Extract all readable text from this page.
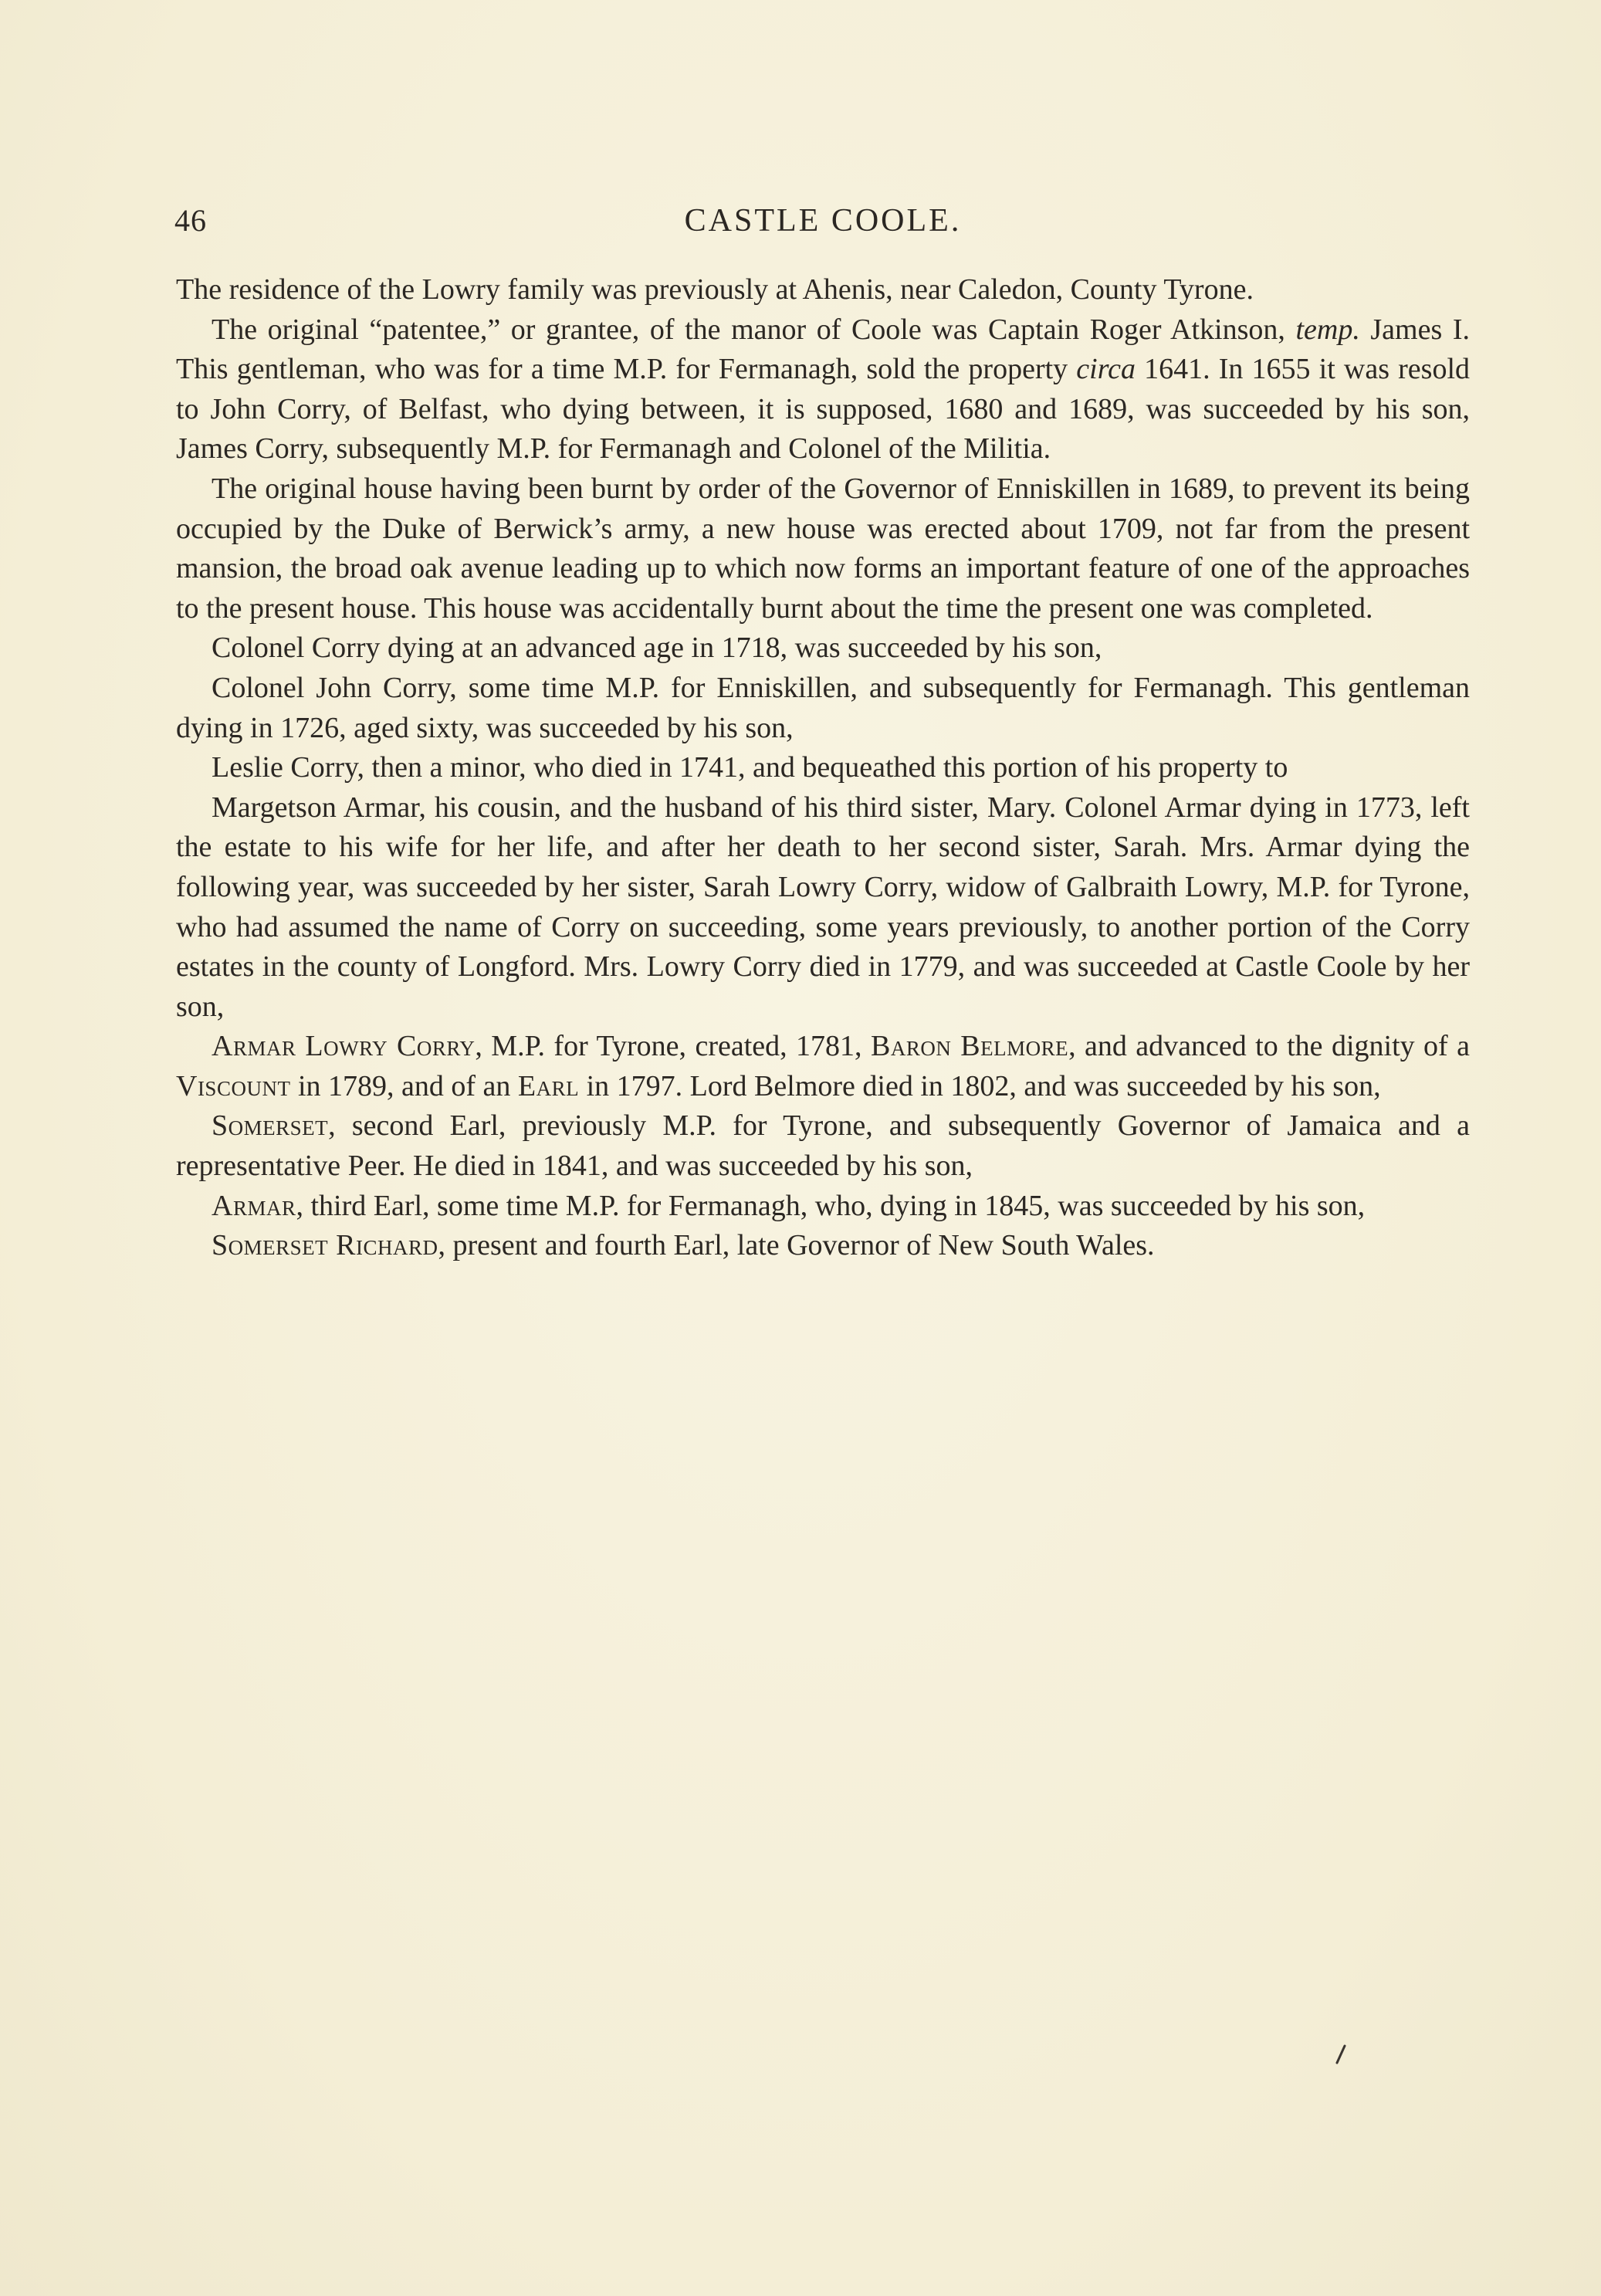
46	CASTLE COOLE.

The residence of the Lowry family was previously at Ahenis, near Caledon, County Tyrone.

The original “patentee,” or grantee, of the manor of Coole was Captain Roger Atkinson, temp. James I. This gentleman, who was for a time M.P. for Fermanagh, sold the property circa 1641. In 1655 it was resold to John Corry, of Belfast, who dying between, it is supposed, 1680 and 1689, was succeeded by his son, James Corry, subsequently M.P. for Fermanagh and Colonel of the Militia.

The original house having been burnt by order of the Governor of Enniskillen in 1689, to prevent its being occupied by the Duke of Berwick’s army, a new house was erected about 1709, not far from the present mansion, the broad oak avenue leading up to which now forms an important feature of one of the approaches to the present house. This house was accidentally burnt about the time the present one was completed.

Colonel Corry dying at an advanced age in 1718, was succeeded by his son,

Colonel John Corry, some time M.P. for Enniskillen, and subsequently for Fermanagh. This gentleman dying in 1726, aged sixty, was succeeded by his son,

Leslie Corry, then a minor, who died in 1741, and bequeathed this portion of his property to

Margetson Armar, his cousin, and the husband of his third sister, Mary. Colonel Armar dying in 1773, left the estate to his wife for her life, and after her death to her second sister, Sarah. Mrs. Armar dying the following year, was succeeded by her sister, Sarah Lowry Corry, widow of Galbraith Lowry, M.P. for Tyrone, who had assumed the name of Corry on succeeding, some years previously, to another portion of the Corry estates in the county of Longford. Mrs. Lowry Corry died in 1779, and was succeeded at Castle Coole by her son,

Armar Lowry Corry, M.P. for Tyrone, created, 1781, Baron Belmore, and advanced to the dignity of a Viscount in 1789, and of an Earl in 1797. Lord Belmore died in 1802, and was succeeded by his son,

Somerset, second Earl, previously M.P. for Tyrone, and subsequently Governor of Jamaica and a representative Peer. He died in 1841, and was succeeded by his son,

Armar, third Earl, some time M.P. for Fermanagh, who, dying in 1845, was succeeded by his son,

Somerset Richard, present and fourth Earl, late Governor of New South Wales.
